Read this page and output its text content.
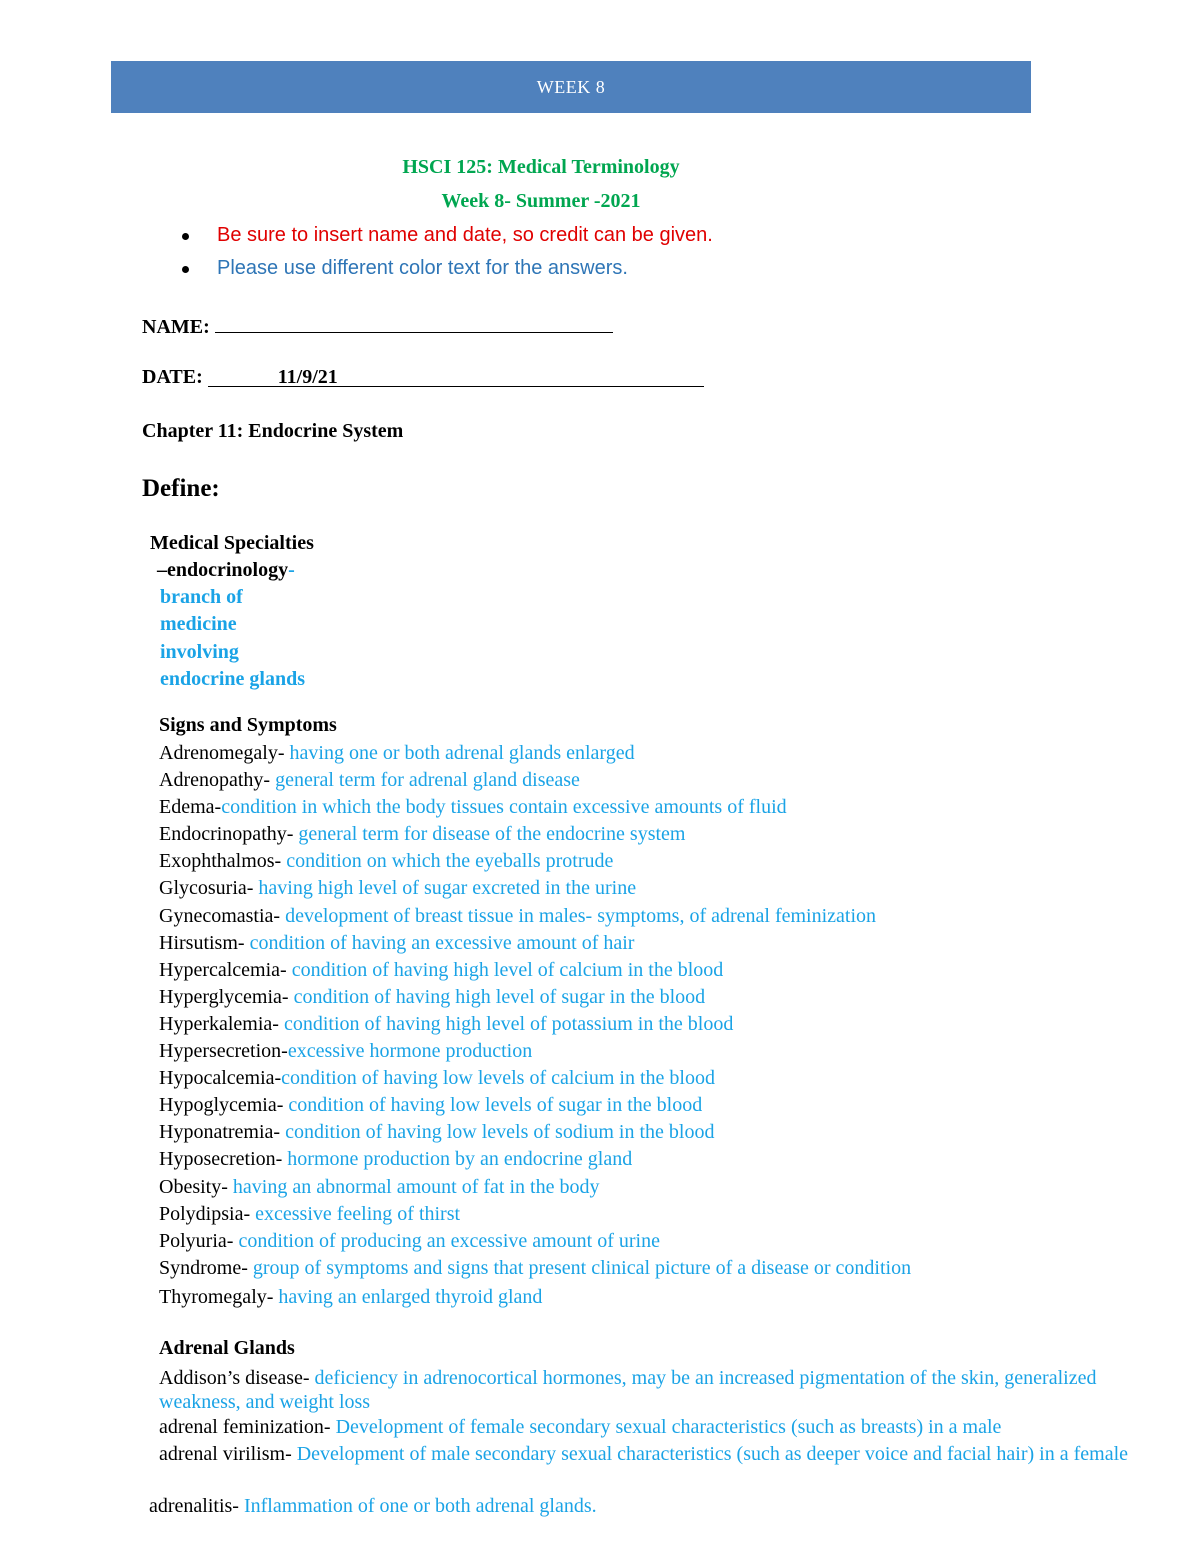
WEEK 8
HSCI 125: Medical Terminology
Week 8- Summer -2021
Be sure to insert name and date, so credit can be given.
Please use different color text for the answers.
NAME:
DATE:	11/9/21
Chapter 11: Endocrine System
Define:
Medical Specialties
–endocrinology-
branch of
medicine
involving
endocrine glands
Signs and Symptoms
Adrenomegaly- having one or both adrenal glands enlarged
Adrenopathy- general term for adrenal gland disease
Edema-condition in which the body tissues contain excessive amounts of fluid
Endocrinopathy- general term for disease of the endocrine system
Exophthalmos- condition on which the eyeballs protrude
Glycosuria- having high level of sugar excreted in the urine
Gynecomastia- development of breast tissue in males- symptoms, of adrenal feminization
Hirsutism- condition of having an excessive amount of hair
Hypercalcemia- condition of having high level of calcium in the blood
Hyperglycemia- condition of having high level of sugar in the blood
Hyperkalemia- condition of having high level of potassium in the blood
Hypersecretion-excessive hormone production
Hypocalcemia-condition of having low levels of calcium in the blood
Hypoglycemia- condition of having low levels of sugar in the blood
Hyponatremia- condition of having low levels of sodium in the blood
Hyposecretion- hormone production by an endocrine gland
Obesity- having an abnormal amount of fat in the body
Polydipsia- excessive feeling of thirst
Polyuria- condition of producing an excessive amount of urine
Syndrome- group of symptoms and signs that present clinical picture of a disease or condition
Thyromegaly- having an enlarged thyroid gland
Adrenal Glands
Addison’s disease- deficiency in adrenocortical hormones, may be an increased pigmentation of the skin, generalized weakness, and weight loss
adrenal feminization- Development of female secondary sexual characteristics (such as breasts) in a male
adrenal virilism- Development of male secondary sexual characteristics (such as deeper voice and facial hair) in a female
adrenalitis- Inflammation of one or both adrenal glands.
